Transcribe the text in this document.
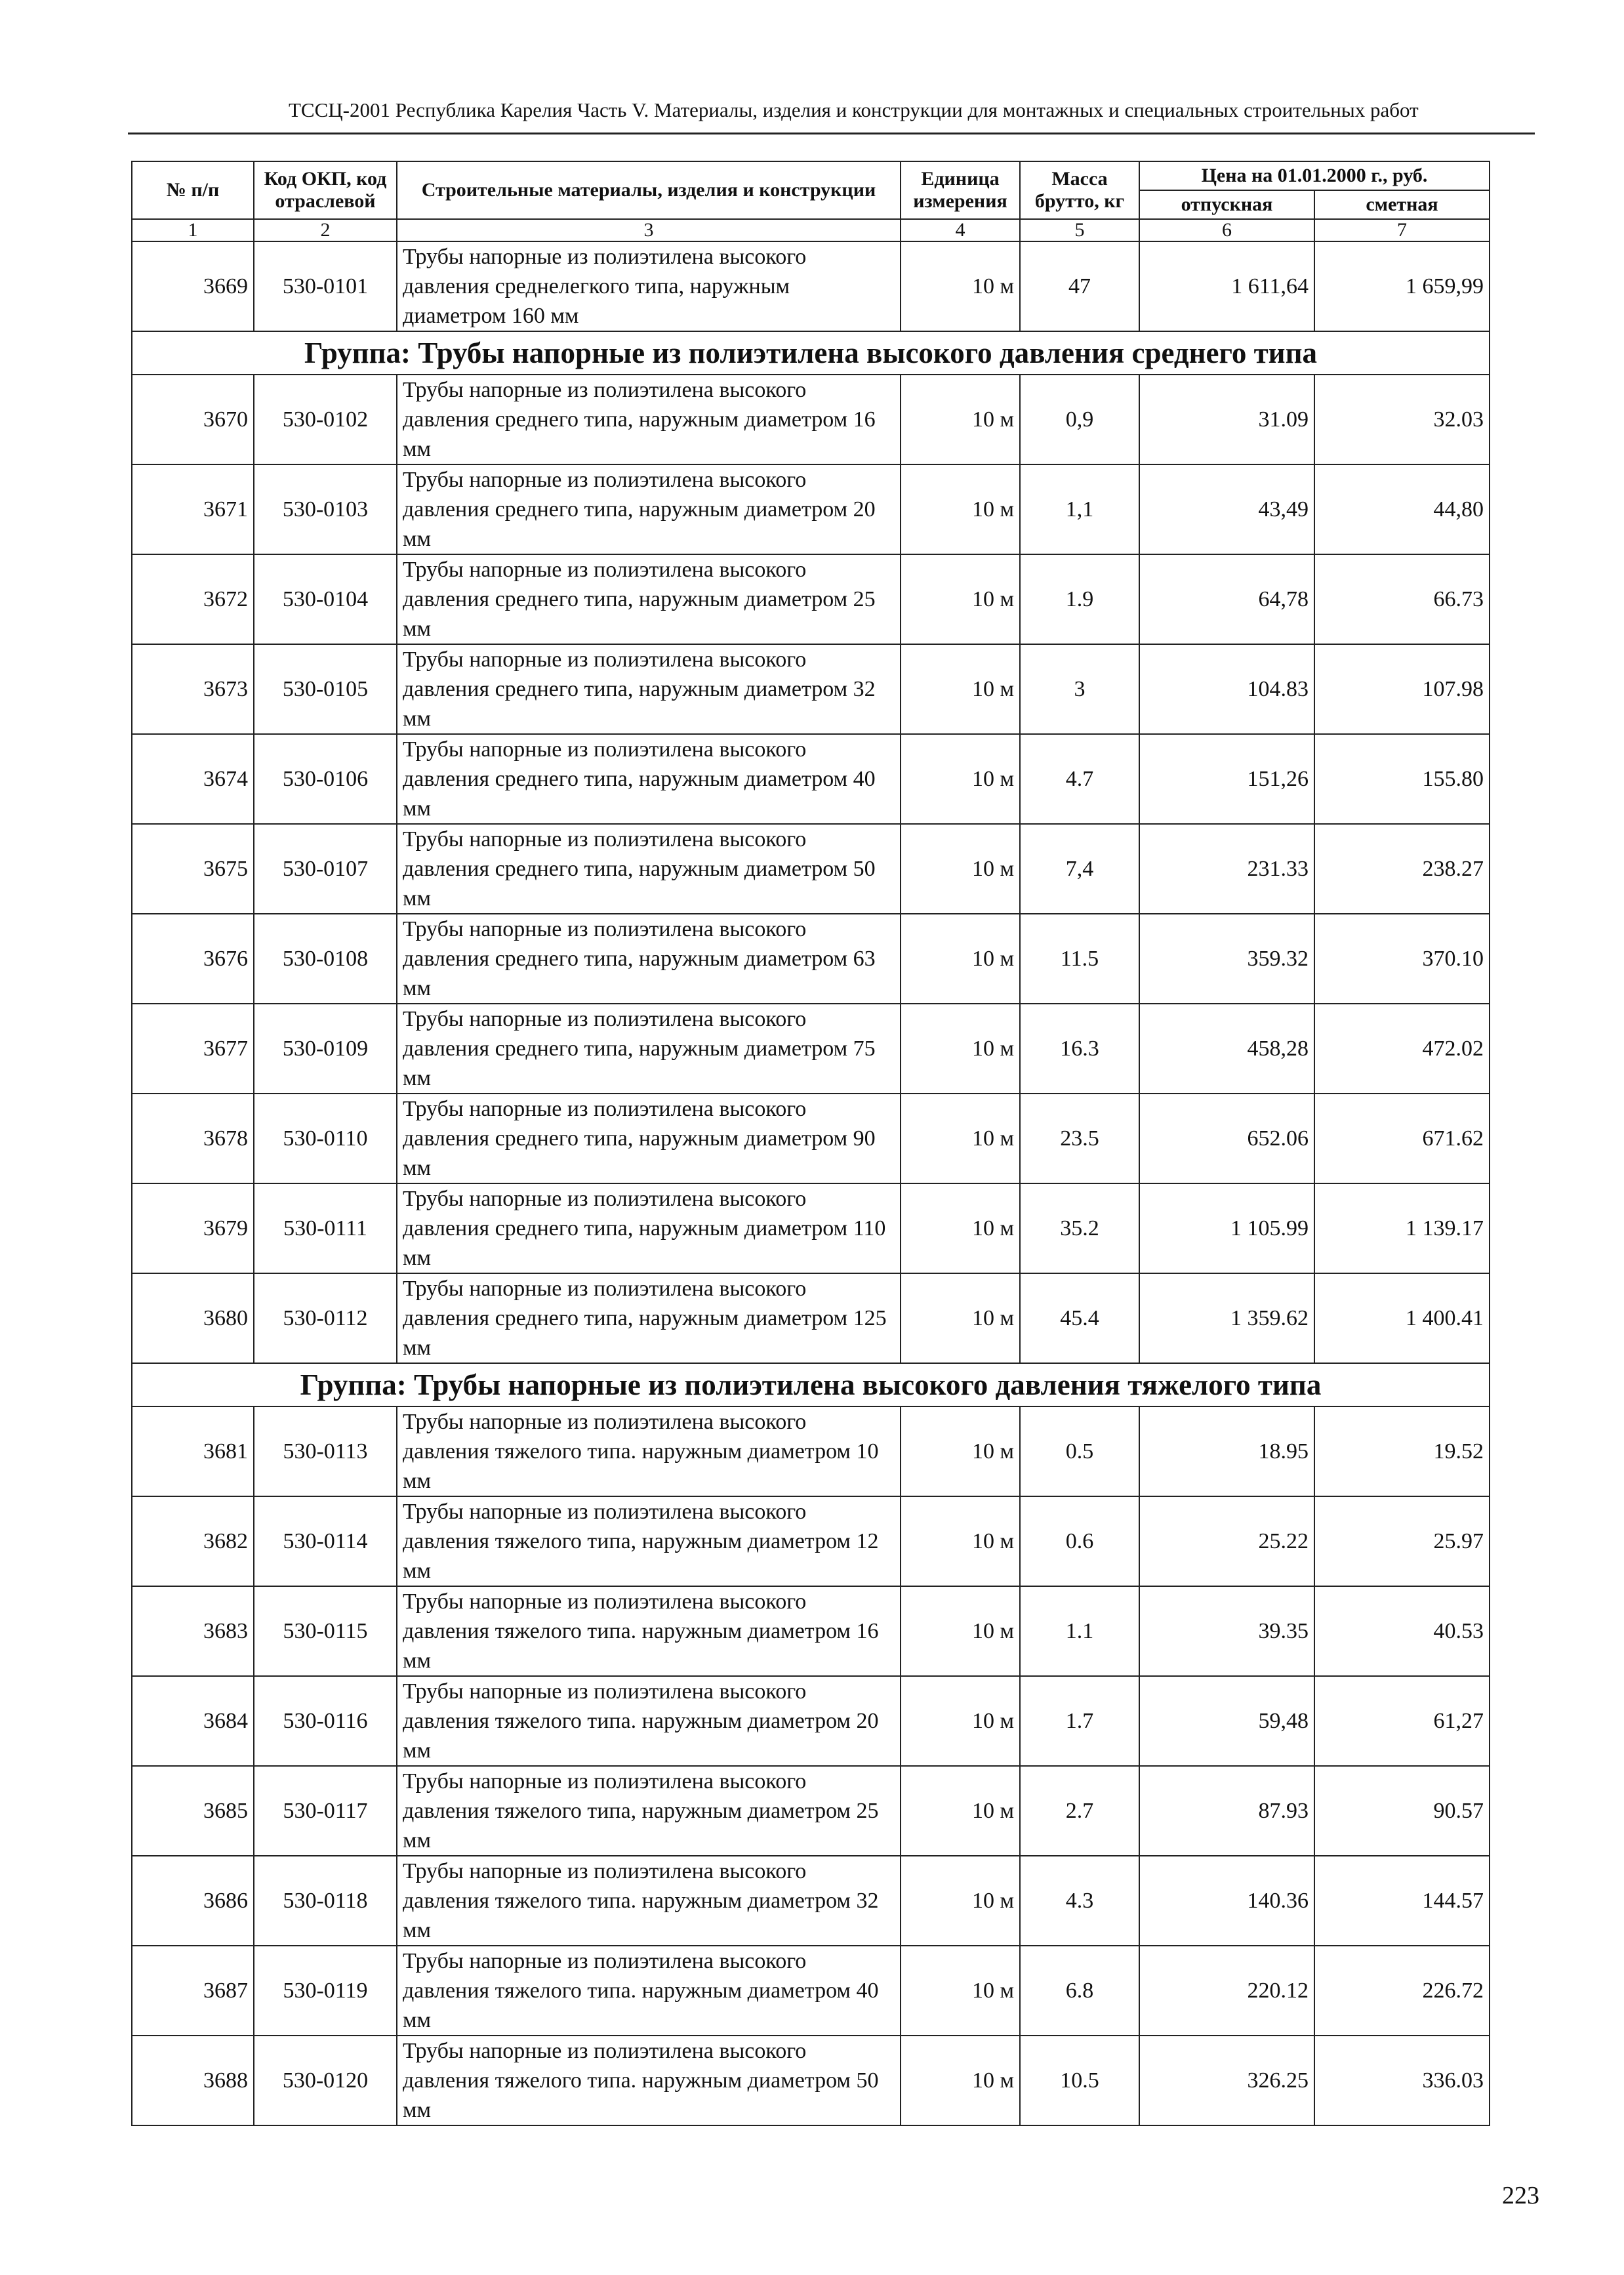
ТССЦ-2001 Республика Карелия Часть V. Материалы, изделия и конструкции для монтажных и специальных строительных работ
№ п/п	Код ОКП, код отраслевой	Строительные материалы, изделия и конструкции	Единица измерения	Масса брутто, кг	Цена на 01.01.2000 г., руб.	
					отпускная	сметная
1	2	3	4	5	6	7
3669	530-0101	Трубы напорные из полиэтилена высокого давления среднелегкого типа, наружным диаметром 160 мм	10 м	47	1 611,64	1 659,99
Группа: Трубы напорные из полиэтилена высокого давления среднего типа						
3670	530-0102	Трубы напорные из полиэтилена высокого давления среднего типа, наружным диаметром 16 мм	10 м	0,9	31.09	32.03
3671	530-0103	Трубы напорные из полиэтилена высокого давления среднего типа, наружным диаметром 20 мм	10 м	1,1	43,49	44,80
3672	530-0104	Трубы напорные из полиэтилена высокого давления среднего типа, наружным диаметром 25 мм	10 м	1.9	64,78	66.73
3673	530-0105	Трубы напорные из полиэтилена высокого давления среднего типа, наружным диаметром 32 мм	10 м	3	104.83	107.98
3674	530-0106	Трубы напорные из полиэтилена высокого давления среднего типа, наружным диаметром 40 мм	10 м	4.7	151,26	155.80
3675	530-0107	Трубы напорные из полиэтилена высокого давления среднего типа, наружным диаметром 50 мм	10 м	7,4	231.33	238.27
3676	530-0108	Трубы напорные из полиэтилена высокого давления среднего типа, наружным диаметром 63 мм	10 м	11.5	359.32	370.10
3677	530-0109	Трубы напорные из полиэтилена высокого давления среднего типа, наружным диаметром 75 мм	10 м	16.3	458,28	472.02
3678	530-0110	Трубы напорные из полиэтилена высокого давления среднего типа, наружным диаметром 90 мм	10 м	23.5	652.06	671.62
3679	530-0111	Трубы напорные из полиэтилена высокого давления среднего типа, наружным диаметром 110 мм	10 м	35.2	1 105.99	1 139.17
3680	530-0112	Трубы напорные из полиэтилена высокого давления среднего типа, наружным диаметром 125 мм	10 м	45.4	1 359.62	1 400.41
Группа: Трубы напорные из полиэтилена высокого давления тяжелого типа						
3681	530-0113	Трубы напорные из полиэтилена высокого давления тяжелого типа. наружным диаметром 10 мм	10 м	0.5	18.95	19.52
3682	530-0114	Трубы напорные из полиэтилена высокого давления тяжелого типа, наружным диаметром 12 мм	10 м	0.6	25.22	25.97
3683	530-0115	Трубы напорные из полиэтилена высокого давления тяжелого типа. наружным диаметром 16 мм	10 м	1.1	39.35	40.53
3684	530-0116	Трубы напорные из полиэтилена высокого давления тяжелого типа. наружным диаметром 20 мм	10 м	1.7	59,48	61,27
3685	530-0117	Трубы напорные из полиэтилена высокого давления тяжелого типа, наружным диаметром 25 мм	10 м	2.7	87.93	90.57
3686	530-0118	Трубы напорные из полиэтилена высокого давления тяжелого типа. наружным диаметром 32 мм	10 м	4.3	140.36	144.57
3687	530-0119	Трубы напорные из полиэтилена высокого давления тяжелого типа. наружным диаметром 40 мм	10 м	6.8	220.12	226.72
3688	530-0120	Трубы напорные из полиэтилена высокого давления тяжелого типа. наружным диаметром 50 мм	10 м	10.5	326.25	336.03
223
